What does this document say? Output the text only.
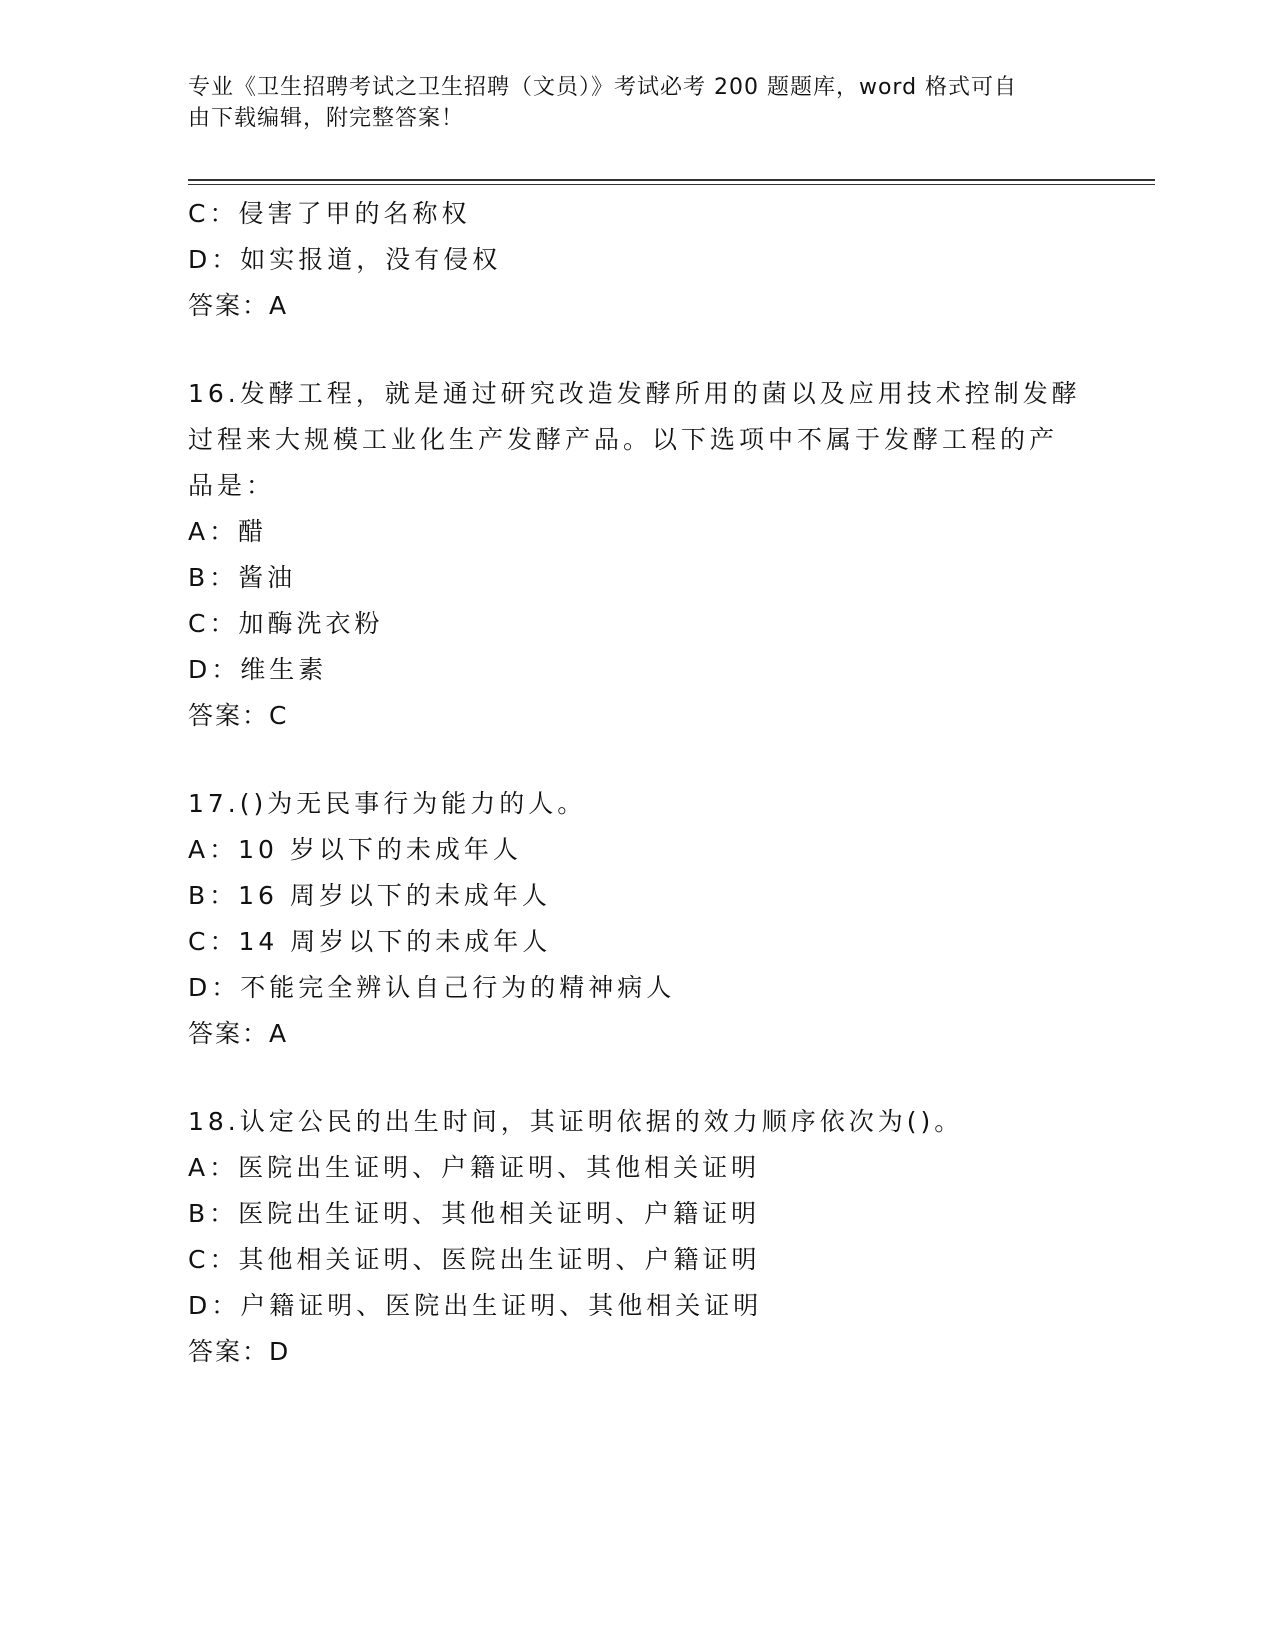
专业《卫生招聘考试之卫生招聘（文员）》考试必考 200 题题库，word 格式可自
由下载编辑，附完整答案！

C：侵害了甲的名称权

D：如实报道，没有侵权

答案：A

16.发酵工程，就是通过研究改造发酵所用的菌以及应用技术控制发酵

过程来大规模工业化生产发酵产品。以下选项中不属于发酵工程的产

品是：

A：醋

B：酱油

C：加酶洗衣粉

D：维生素

答案：C

17.()为无民事行为能力的人。

A：10 岁以下的未成年人

B：16 周岁以下的未成年人

C：14 周岁以下的未成年人

D：不能完全辨认自己行为的精神病人

答案：A

18.认定公民的出生时间，其证明依据的效力顺序依次为()。

A：医院出生证明、户籍证明、其他相关证明

B：医院出生证明、其他相关证明、户籍证明

C：其他相关证明、医院出生证明、户籍证明

D：户籍证明、医院出生证明、其他相关证明

答案：D
